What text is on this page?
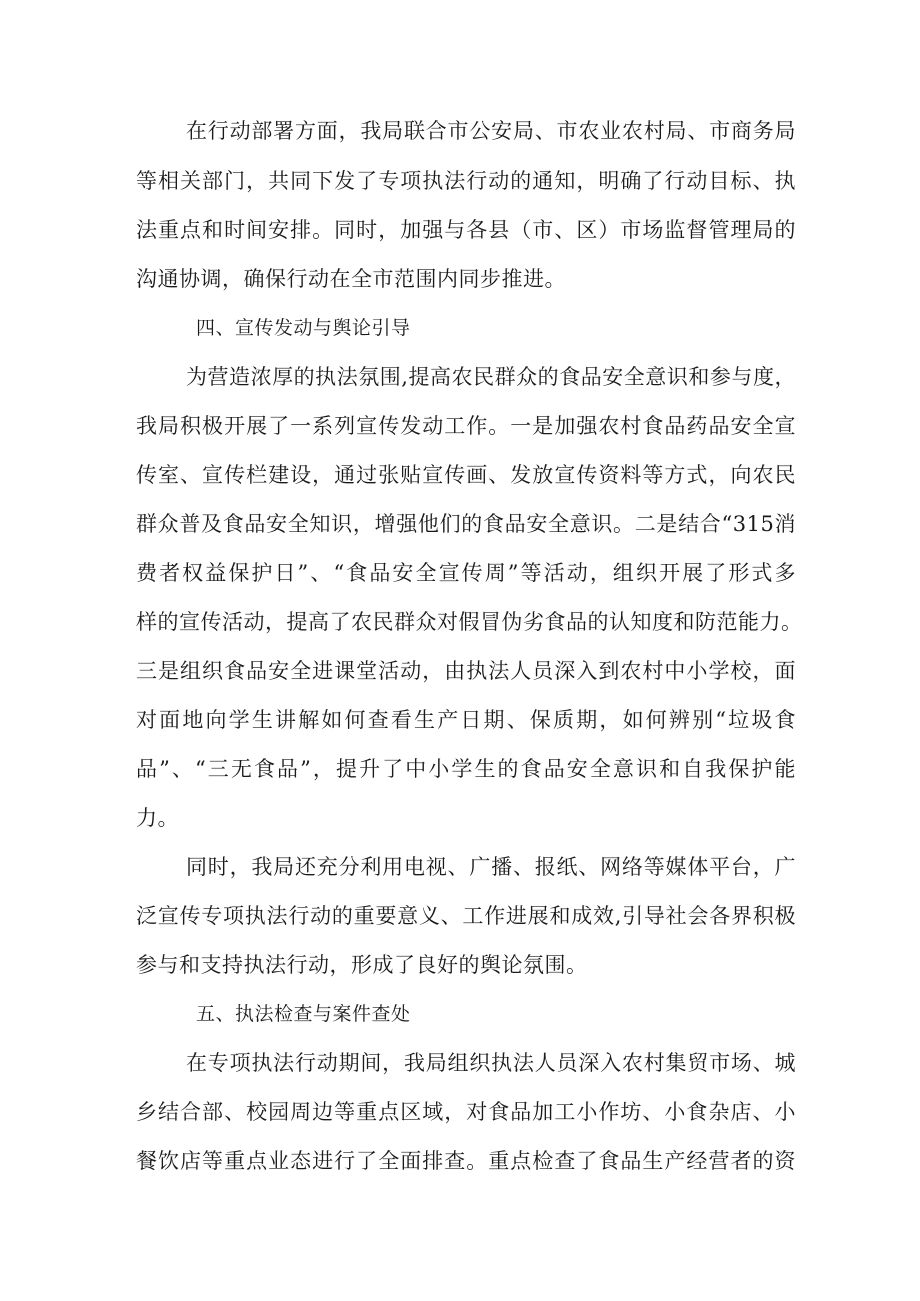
在行动部署方面，我局联合市公安局、市农业农村局、市商务局
等相关部门，共同下发了专项执法行动的通知，明确了行动目标、执
法重点和时间安排。同时，加强与各县（市、区）市场监督管理局的
沟通协调，确保行动在全市范围内同步推进。
四、宣传发动与舆论引导
为营造浓厚的执法氛围,提高农民群众的食品安全意识和参与度，
我局积极开展了一系列宣传发动工作。一是加强农村食品药品安全宣
传室、宣传栏建设，通过张贴宣传画、发放宣传资料等方式，向农民
群众普及食品安全知识，增强他们的食品安全意识。二是结合“315消
费者权益保护日”、“食品安全宣传周”等活动，组织开展了形式多
样的宣传活动，提高了农民群众对假冒伪劣食品的认知度和防范能力。
三是组织食品安全进课堂活动，由执法人员深入到农村中小学校，面
对面地向学生讲解如何查看生产日期、保质期，如何辨别“垃圾食
品”、“三无食品”，提升了中小学生的食品安全意识和自我保护能
力。
同时，我局还充分利用电视、广播、报纸、网络等媒体平台，广
泛宣传专项执法行动的重要意义、工作进展和成效,引导社会各界积极
参与和支持执法行动，形成了良好的舆论氛围。
五、执法检查与案件查处
在专项执法行动期间，我局组织执法人员深入农村集贸市场、城
乡结合部、校园周边等重点区域，对食品加工小作坊、小食杂店、小
餐饮店等重点业态进行了全面排查。重点检查了食品生产经营者的资
